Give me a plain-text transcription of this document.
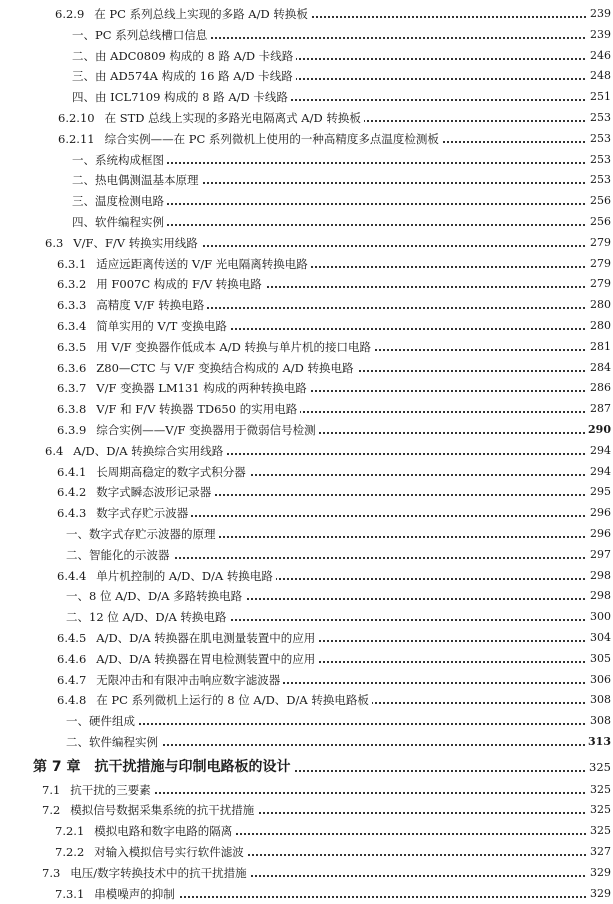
6.2.9 在 PC 系列总线上实现的多路 A/D 转换板	239
一、PC 系列总线槽口信息	239
二、由 ADC0809 构成的 8 路 A/D 卡线路	246
三、由 AD574A 构成的 16 路 A/D 卡线路	248
四、由 ICL7109 构成的 8 路 A/D 卡线路	251
6.2.10 在 STD 总线上实现的多路光电隔离式 A/D 转换板	253
6.2.11 综合实例——在 PC 系列微机上使用的一种高精度多点温度检测板	253
一、系统构成框图	253
二、热电偶测温基本原理	253
三、温度检测电路	256
四、软件编程实例	256
6.3 V/F、F/V 转换实用线路	279
6.3.1 适应远距离传送的 V/F 光电隔离转换电路	279
6.3.2 用 F007C 构成的 F/V 转换电路	279
6.3.3 高精度 V/F 转换电路	280
6.3.4 简单实用的 V/T 变换电路	280
6.3.5 用 V/F 变换器作低成本 A/D 转换与单片机的接口电路	281
6.3.6 Z80—CTC 与 V/F 变换结合构成的 A/D 转换电路	284
6.3.7 V/F 变换器 LM131 构成的两种转换电路	286
6.3.8 V/F 和 F/V 转换器 TD650 的实用电路	287
6.3.9 综合实例——V/F 变换器用于微弱信号检测	290
6.4 A/D、D/A 转换综合实用线路	294
6.4.1 长周期高稳定的数字式积分器	294
6.4.2 数字式瞬态波形记录器	295
6.4.3 数字式存贮示波器	296
一、数字式存贮示波器的原理	296
二、智能化的示波器	297
6.4.4 单片机控制的 A/D、D/A 转换电路	298
一、8 位 A/D、D/A 多路转换电路	298
二、12 位 A/D、D/A 转换电路	300
6.4.5 A/D、D/A 转换器在肌电测量装置中的应用	304
6.4.6 A/D、D/A 转换器在胃电检测装置中的应用	305
6.4.7 无限冲击和有限冲击响应数字滤波器	306
6.4.8 在 PC 系列微机上运行的 8 位 A/D、D/A 转换电路板	308
一、硬件组成	308
二、软件编程实例	313
第 7 章 抗干扰措施与印制电路板的设计	325
7.1 抗干扰的三要素	325
7.2 模拟信号数据采集系统的抗干扰措施	325
7.2.1 模拟电路和数字电路的隔离	325
7.2.2 对输入模拟信号实行软件滤波	327
7.3 电压/数字转换技术中的抗干扰措施	329
7.3.1 串模噪声的抑制	329
